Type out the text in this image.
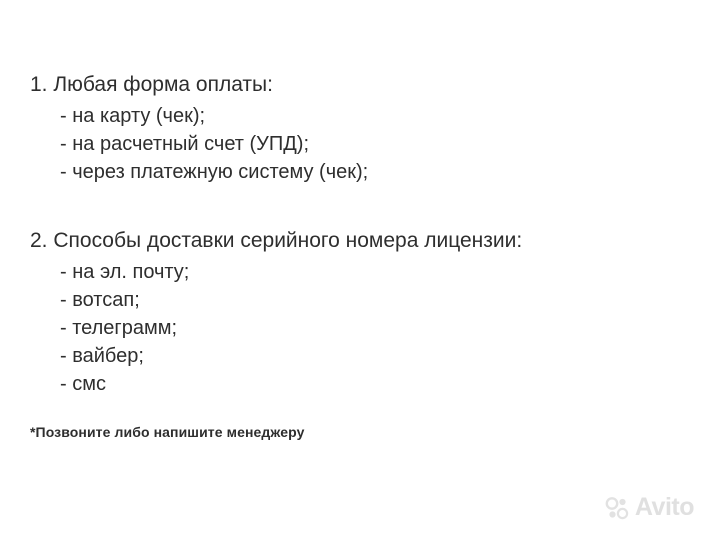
1. Любая форма оплаты:
- на карту (чек);
- на расчетный счет (УПД);
- через платежную систему (чек);
2. Способы доставки серийного номера лицензии:
- на эл. почту;
- вотсап;
- телеграмм;
- вайбер;
- смс
*Позвоните либо напишите менеджеру
Avito
